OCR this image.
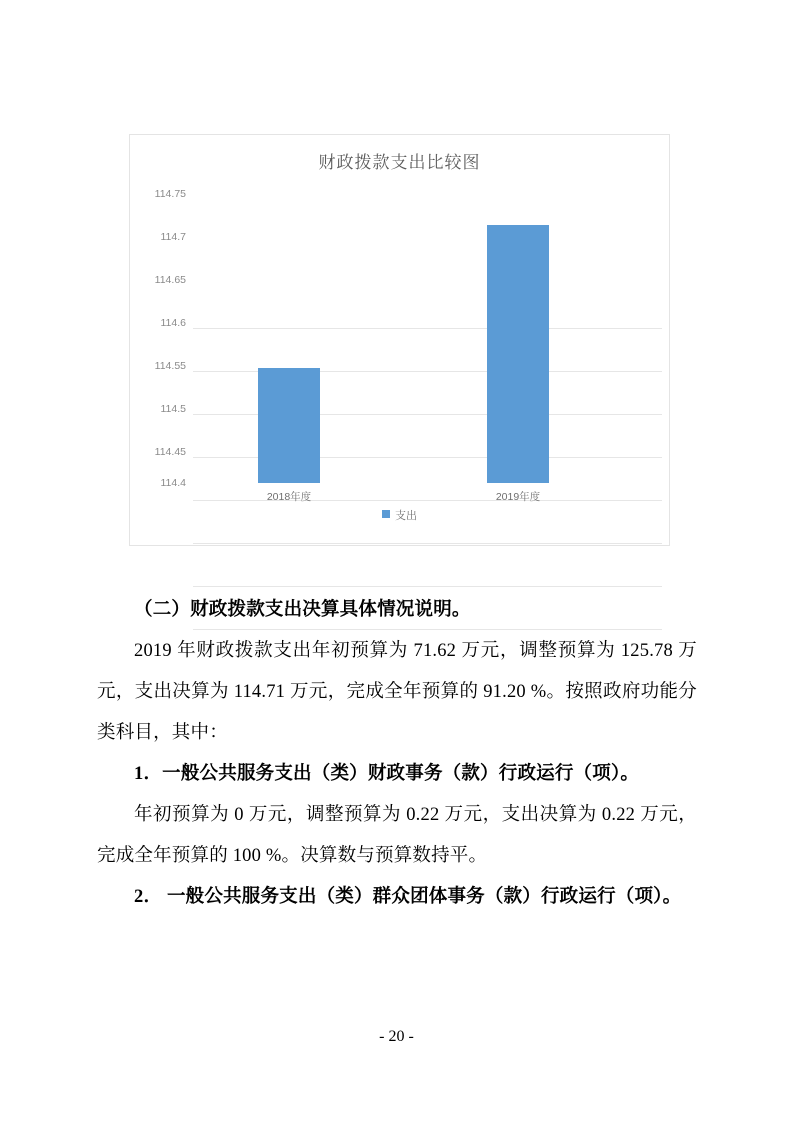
财政拨款支出比较图
114.75
114.7
114.65
114.6
114.55
114.5
114.45
114.4
2018年度	2019年度
支出

（二）财政拨款支出决算具体情况说明。

2019 年财政拨款支出年初预算为 71.62 万元，调整预算为 125.78 万元，支出决算为 114.71 万元，完成全年预算的 91.20 %。按照政府功能分类科目，其中：

1．一般公共服务支出（类）财政事务（款）行政运行（项）。

年初预算为 0 万元，调整预算为 0.22 万元，支出决算为 0.22 万元，完成全年预算的 100 %。决算数与预算数持平。

2． 一般公共服务支出（类）群众团体事务（款）行政运行（项）。

- 20 -
